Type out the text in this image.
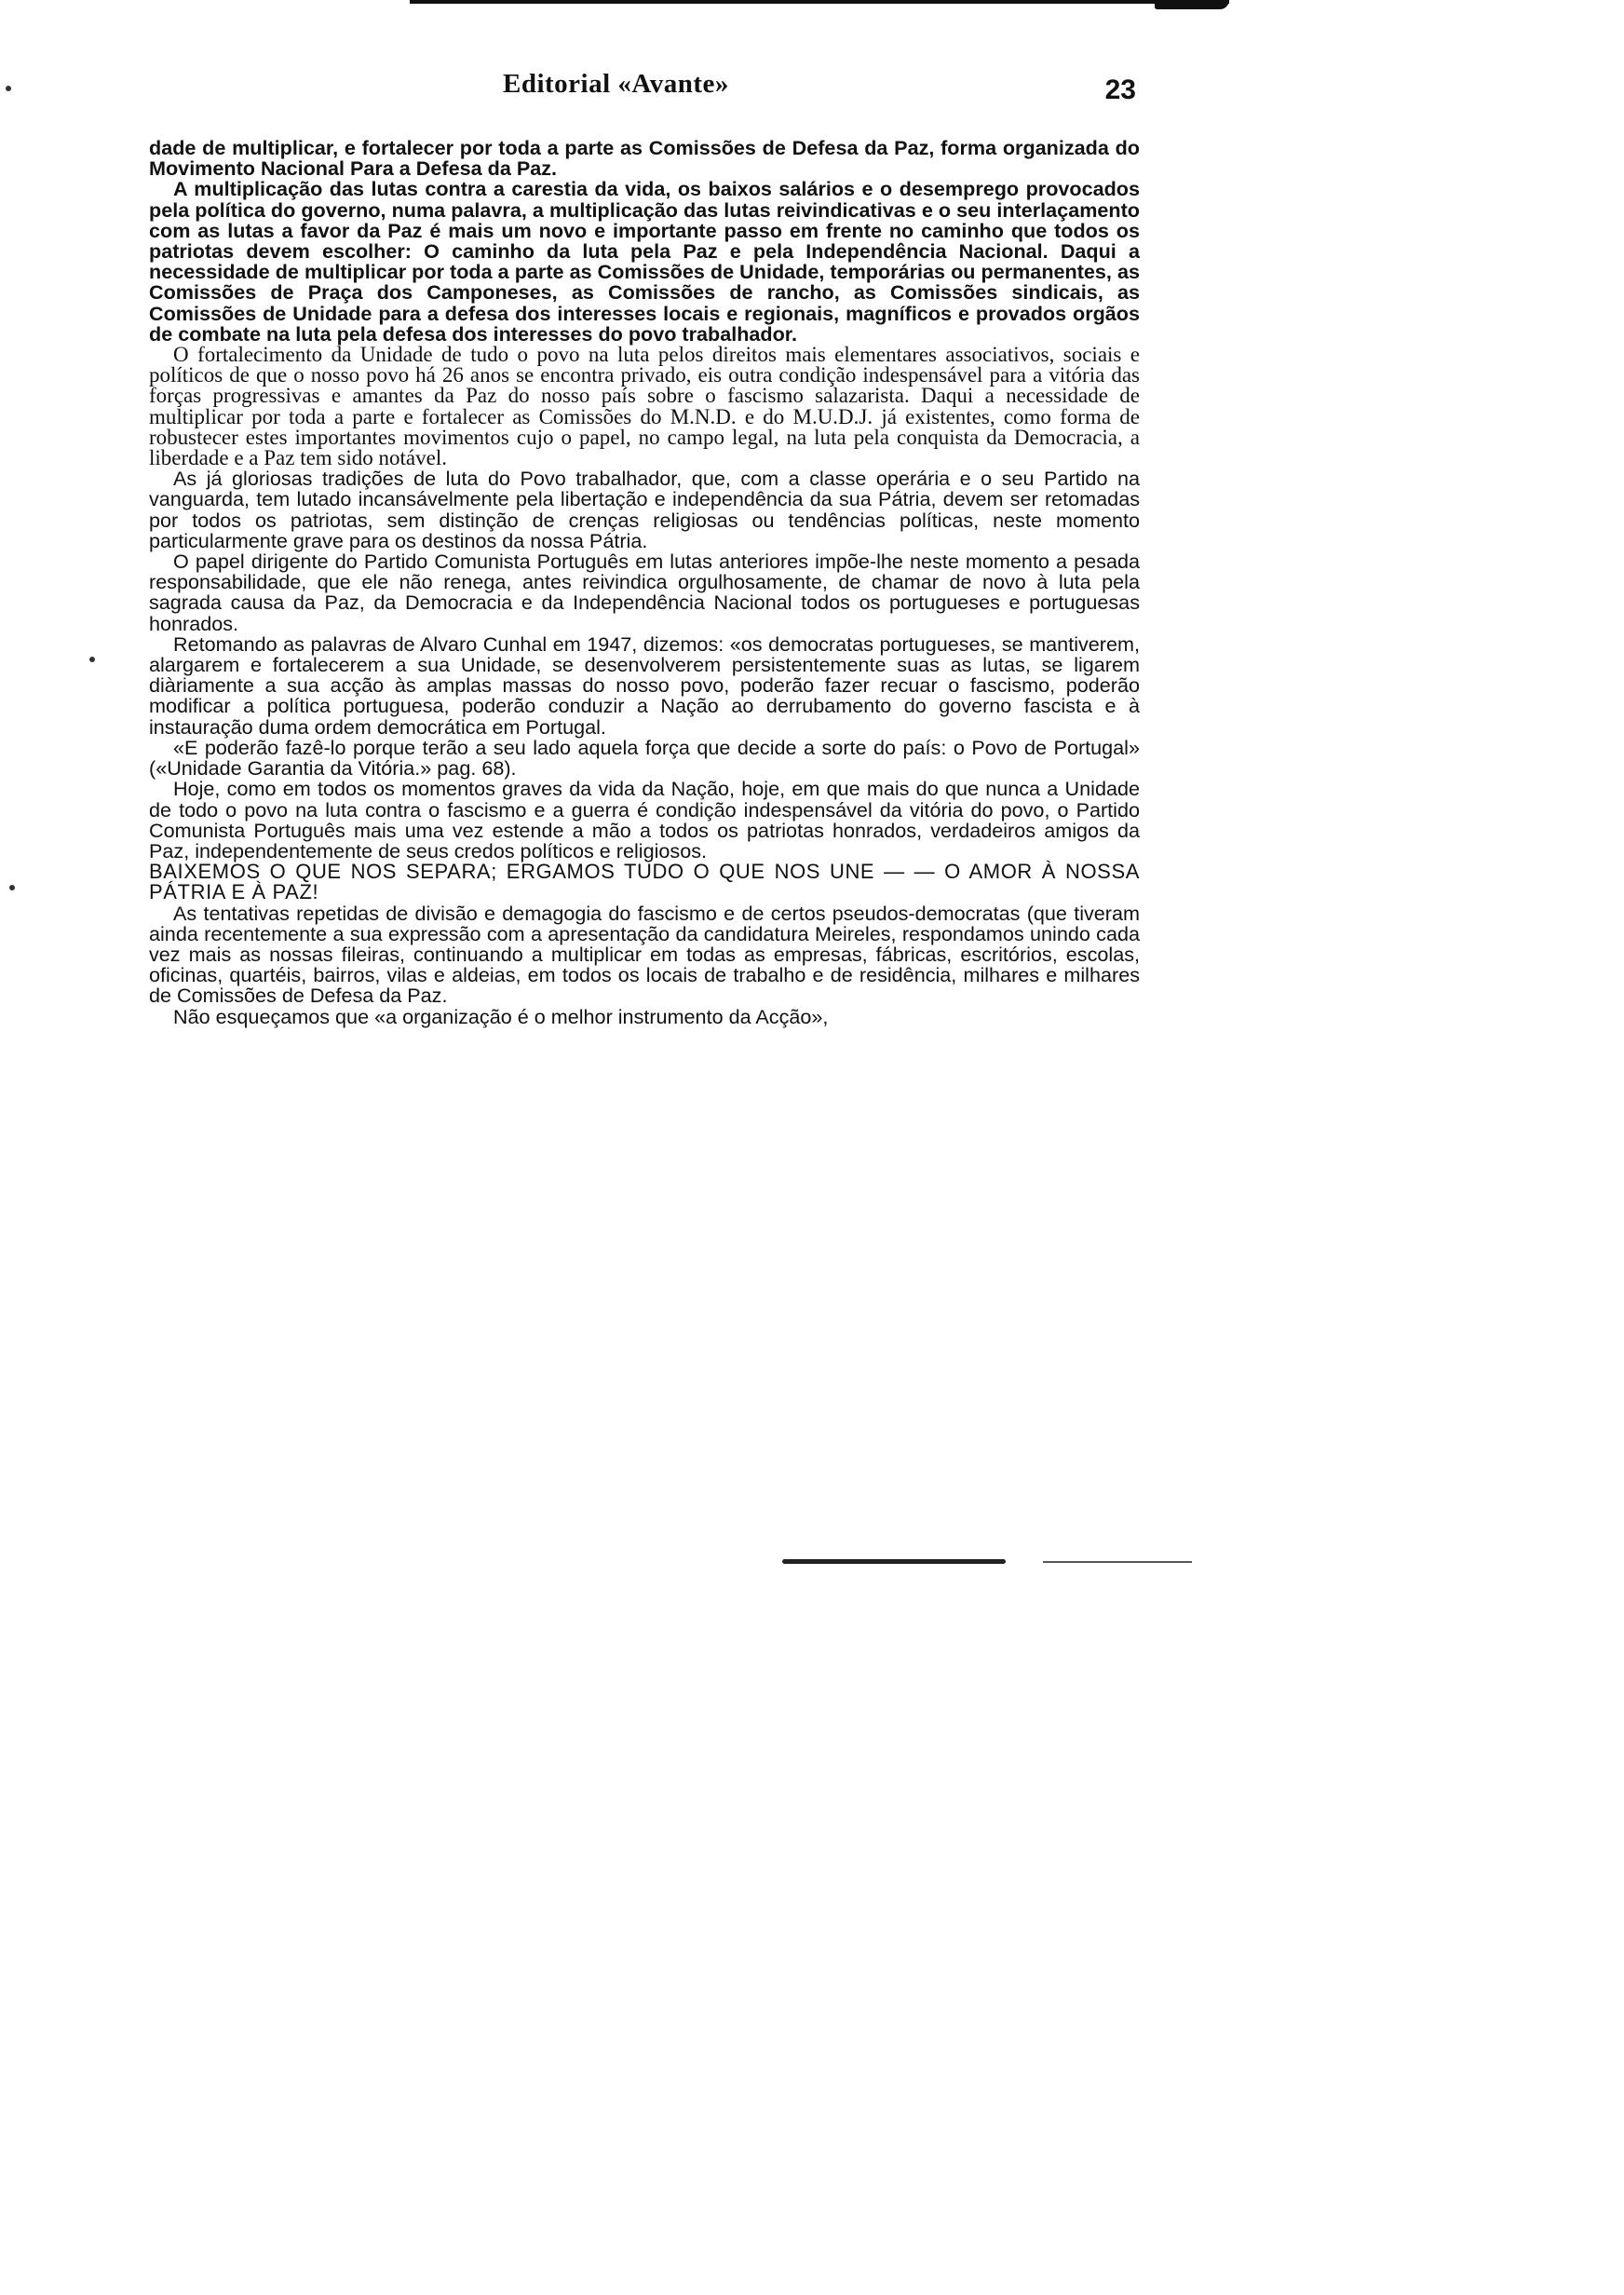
Editorial «Avante»	23

dade de multiplicar, e fortalecer por toda a parte as Comissões de Defesa da Paz, forma organizada do Movimento Nacional Para a Defesa da Paz.

A multiplicação das lutas contra a carestia da vida, os baixos salários e o desemprego provocados pela política do governo, numa palavra, a multiplicação das lutas reivindicativas e o seu interlaçamento com as lutas a favor da Paz é mais um novo e importante passo em frente no caminho que todos os patriotas devem escolher: O caminho da luta pela Paz e pela Independência Nacional. Daqui a necessidade de multiplicar por toda a parte as Comissões de Unidade, temporárias ou permanentes, as Comissões de Praça dos Camponeses, as Comissões de rancho, as Comissões sindicais, as Comissões de Unidade para a defesa dos interesses locais e regionais, magníficos e provados orgãos de combate na luta pela defesa dos interesses do povo trabalhador.

O fortalecimento da Unidade de tudo o povo na luta pelos direitos mais elementares associativos, sociais e políticos de que o nosso povo há 26 anos se encontra privado, eis outra condição indespensável para a vitória das forças progressivas e amantes da Paz do nosso país sobre o fascismo salazarista. Daqui a necessidade de multiplicar por toda a parte e fortalecer as Comissões do M.N.D. e do M.U.D.J. já existentes, como forma de robustecer estes importantes movimentos cujo o papel, no campo legal, na luta pela conquista da Democracia, a liberdade e a Paz tem sido notável.

As já gloriosas tradições de luta do Povo trabalhador, que, com a classe operária e o seu Partido na vanguarda, tem lutado incansávelmente pela libertação e independência da sua Pátria, devem ser retomadas por todos os patriotas, sem distinção de crenças religiosas ou tendências políticas, neste momento particularmente grave para os destinos da nossa Pátria.

O papel dirigente do Partido Comunista Português em lutas anteriores impõe-lhe neste momento a pesada responsabilidade, que ele não renega, antes reivindica orgulhosamente, de chamar de novo à luta pela sagrada causa da Paz, da Democracia e da Independência Nacional todos os portugueses e portuguesas honrados.

Retomando as palavras de Alvaro Cunhal em 1947, dizemos: «os democratas portugueses, se mantiverem, alargarem e fortalecerem a sua Unidade, se desenvolverem persistentemente suas as lutas, se ligarem diàriamente a sua acção às amplas massas do nosso povo, poderão fazer recuar o fascismo, poderão modificar a política portuguesa, poderão conduzir a Nação ao derrubamento do governo fascista e à instauração duma ordem democrática em Portugal.

«E poderão fazê-lo porque terão a seu lado aquela força que decide a sorte do país: o Povo de Portugal» («Unidade Garantia da Vitória.» pag. 68).

Hoje, como em todos os momentos graves da vida da Nação, hoje, em que mais do que nunca a Unidade de todo o povo na luta contra o fascismo e a guerra é condição indespensável da vitória do povo, o Partido Comunista Português mais uma vez estende a mão a todos os patriotas honrados, verdadeiros amigos da Paz, independentemente de seus credos políticos e religiosos.

BAIXEMOS O QUE NOS SEPARA; ERGAMOS TUDO O QUE NOS UNE — — O AMOR À NOSSA PÁTRIA E À PAZ!

As tentativas repetidas de divisão e demagogia do fascismo e de certos pseudos-democratas (que tiveram ainda recentemente a sua expressão com a apresentação da candidatura Meireles, respondamos unindo cada vez mais as nossas fileiras, continuando a multiplicar em todas as empresas, fábricas, escritórios, escolas, oficinas, quartéis, bairros, vilas e aldeias, em todos os locais de trabalho e de residência, milhares e milhares de Comissões de Defesa da Paz.

Não esqueçamos que «a organização é o melhor instrumento da Acção»,
